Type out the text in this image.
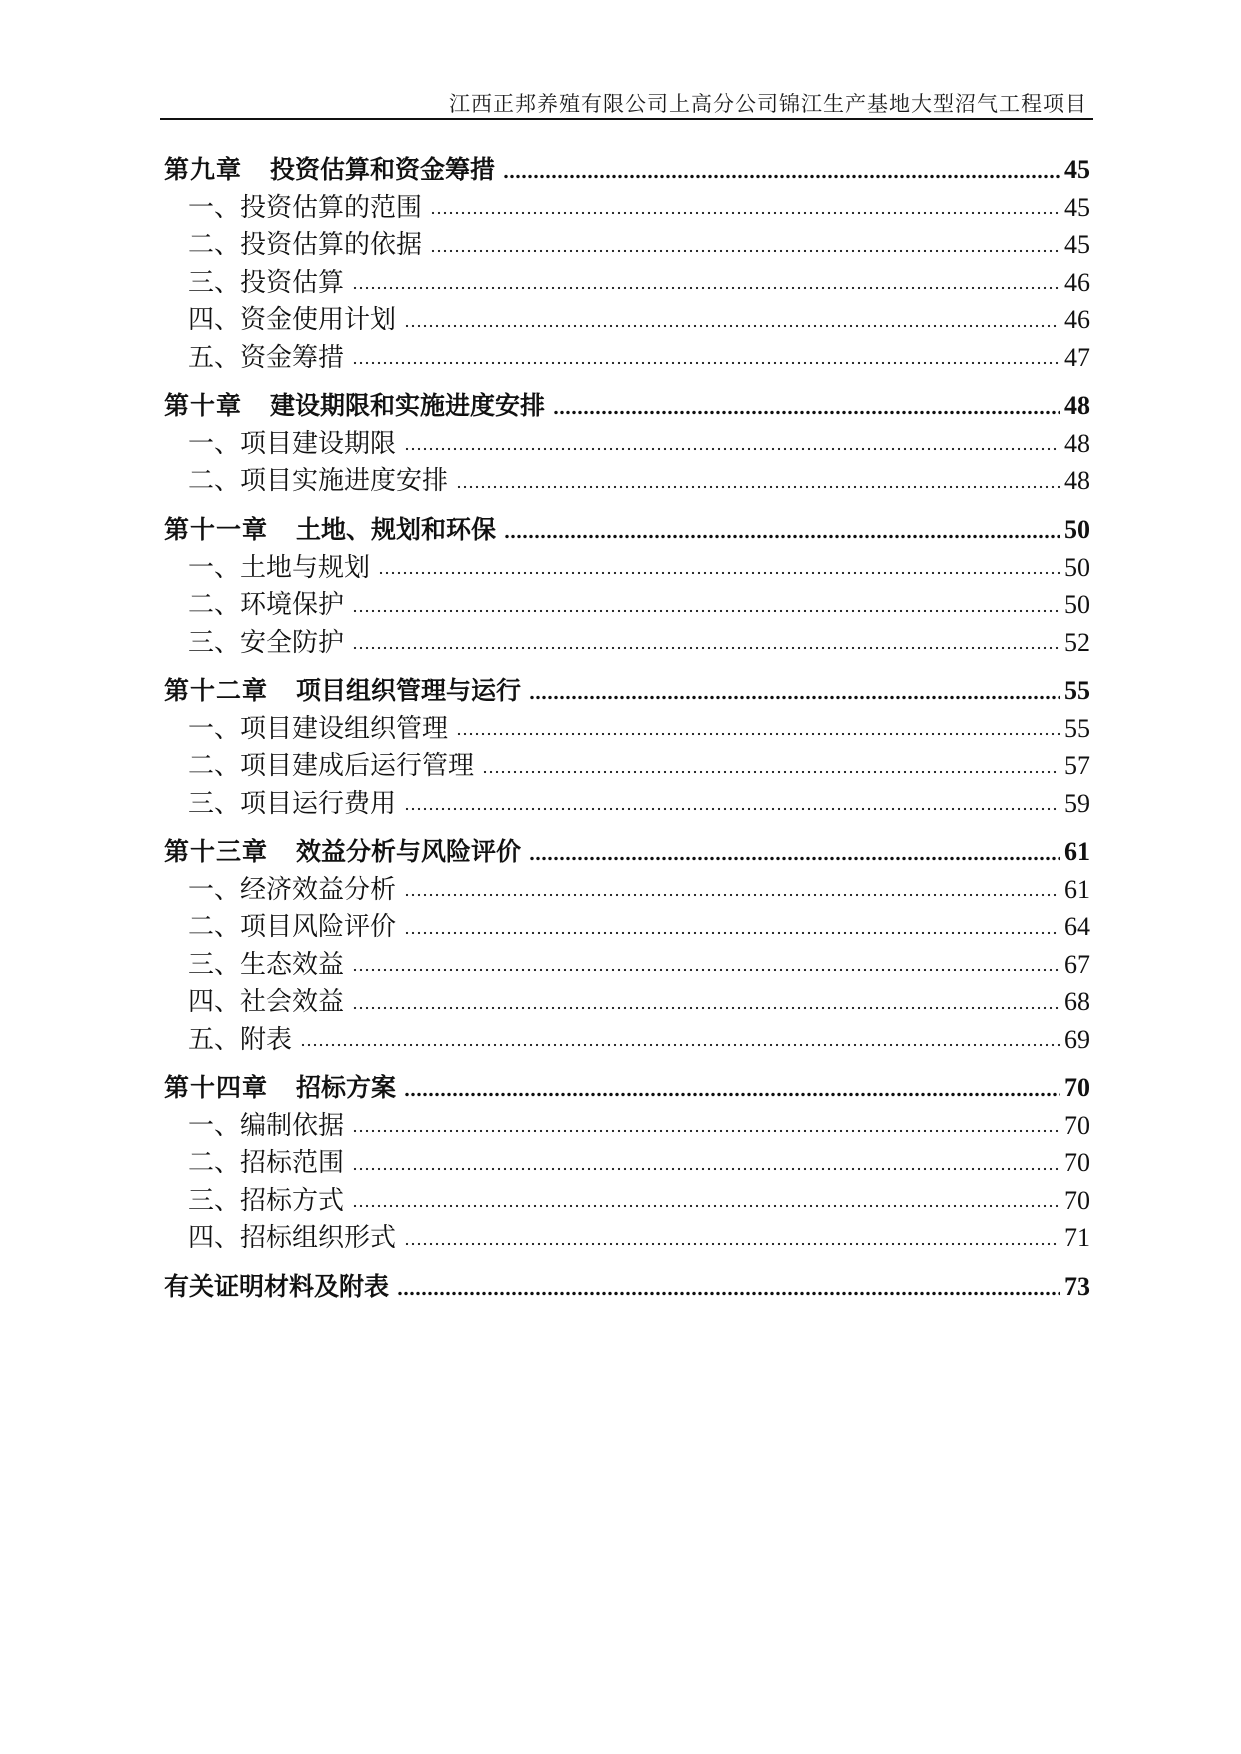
江西正邦养殖有限公司上高分公司锦江生产基地大型沼气工程项目
第九章 投资估算和资金筹措	45
一、投资估算的范围	45
二、投资估算的依据	45
三、投资估算	46
四、资金使用计划	46
五、资金筹措	47
第十章 建设期限和实施进度安排	48
一、项目建设期限	48
二、项目实施进度安排	48
第十一章 土地、规划和环保	50
一、土地与规划	50
二、环境保护	50
三、安全防护	52
第十二章 项目组织管理与运行	55
一、项目建设组织管理	55
二、项目建成后运行管理	57
三、项目运行费用	59
第十三章 效益分析与风险评价	61
一、经济效益分析	61
二、项目风险评价	64
三、生态效益	67
四、社会效益	68
五、附表	69
第十四章 招标方案	70
一、编制依据	70
二、招标范围	70
三、招标方式	70
四、招标组织形式	71
有关证明材料及附表	73
